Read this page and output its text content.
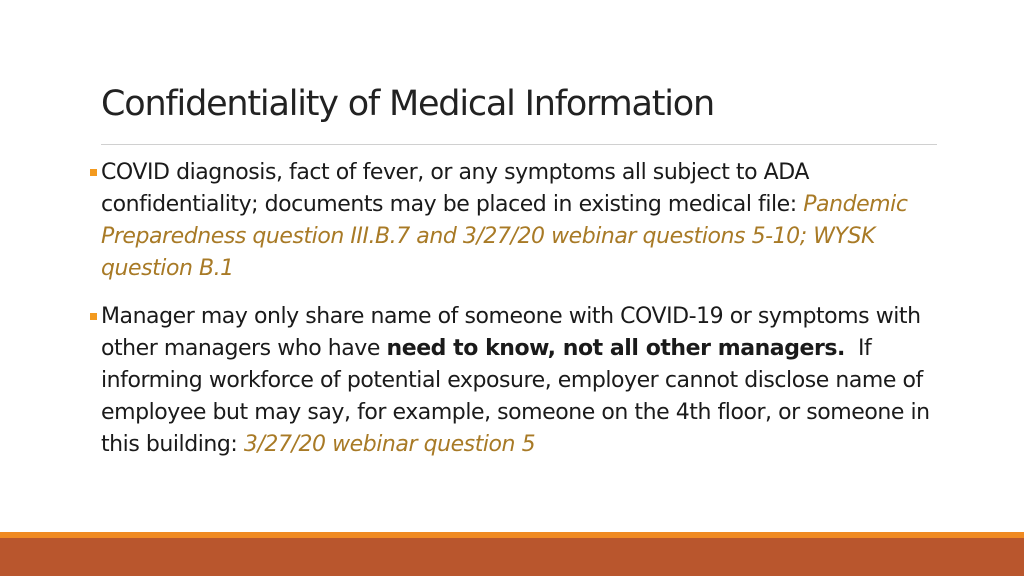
Confidentiality of Medical Information
COVID diagnosis, fact of fever, or any symptoms all subject to ADA confidentiality; documents may be placed in existing medical file: Pandemic Preparedness question III.B.7 and 3/27/20 webinar questions 5-10; WYSK question B.1
Manager may only share name of someone with COVID-19 or symptoms with other managers who have need to know, not all other managers.  If informing workforce of potential exposure, employer cannot disclose name of employee but may say, for example, someone on the 4th floor, or someone in this building: 3/27/20 webinar question 5
